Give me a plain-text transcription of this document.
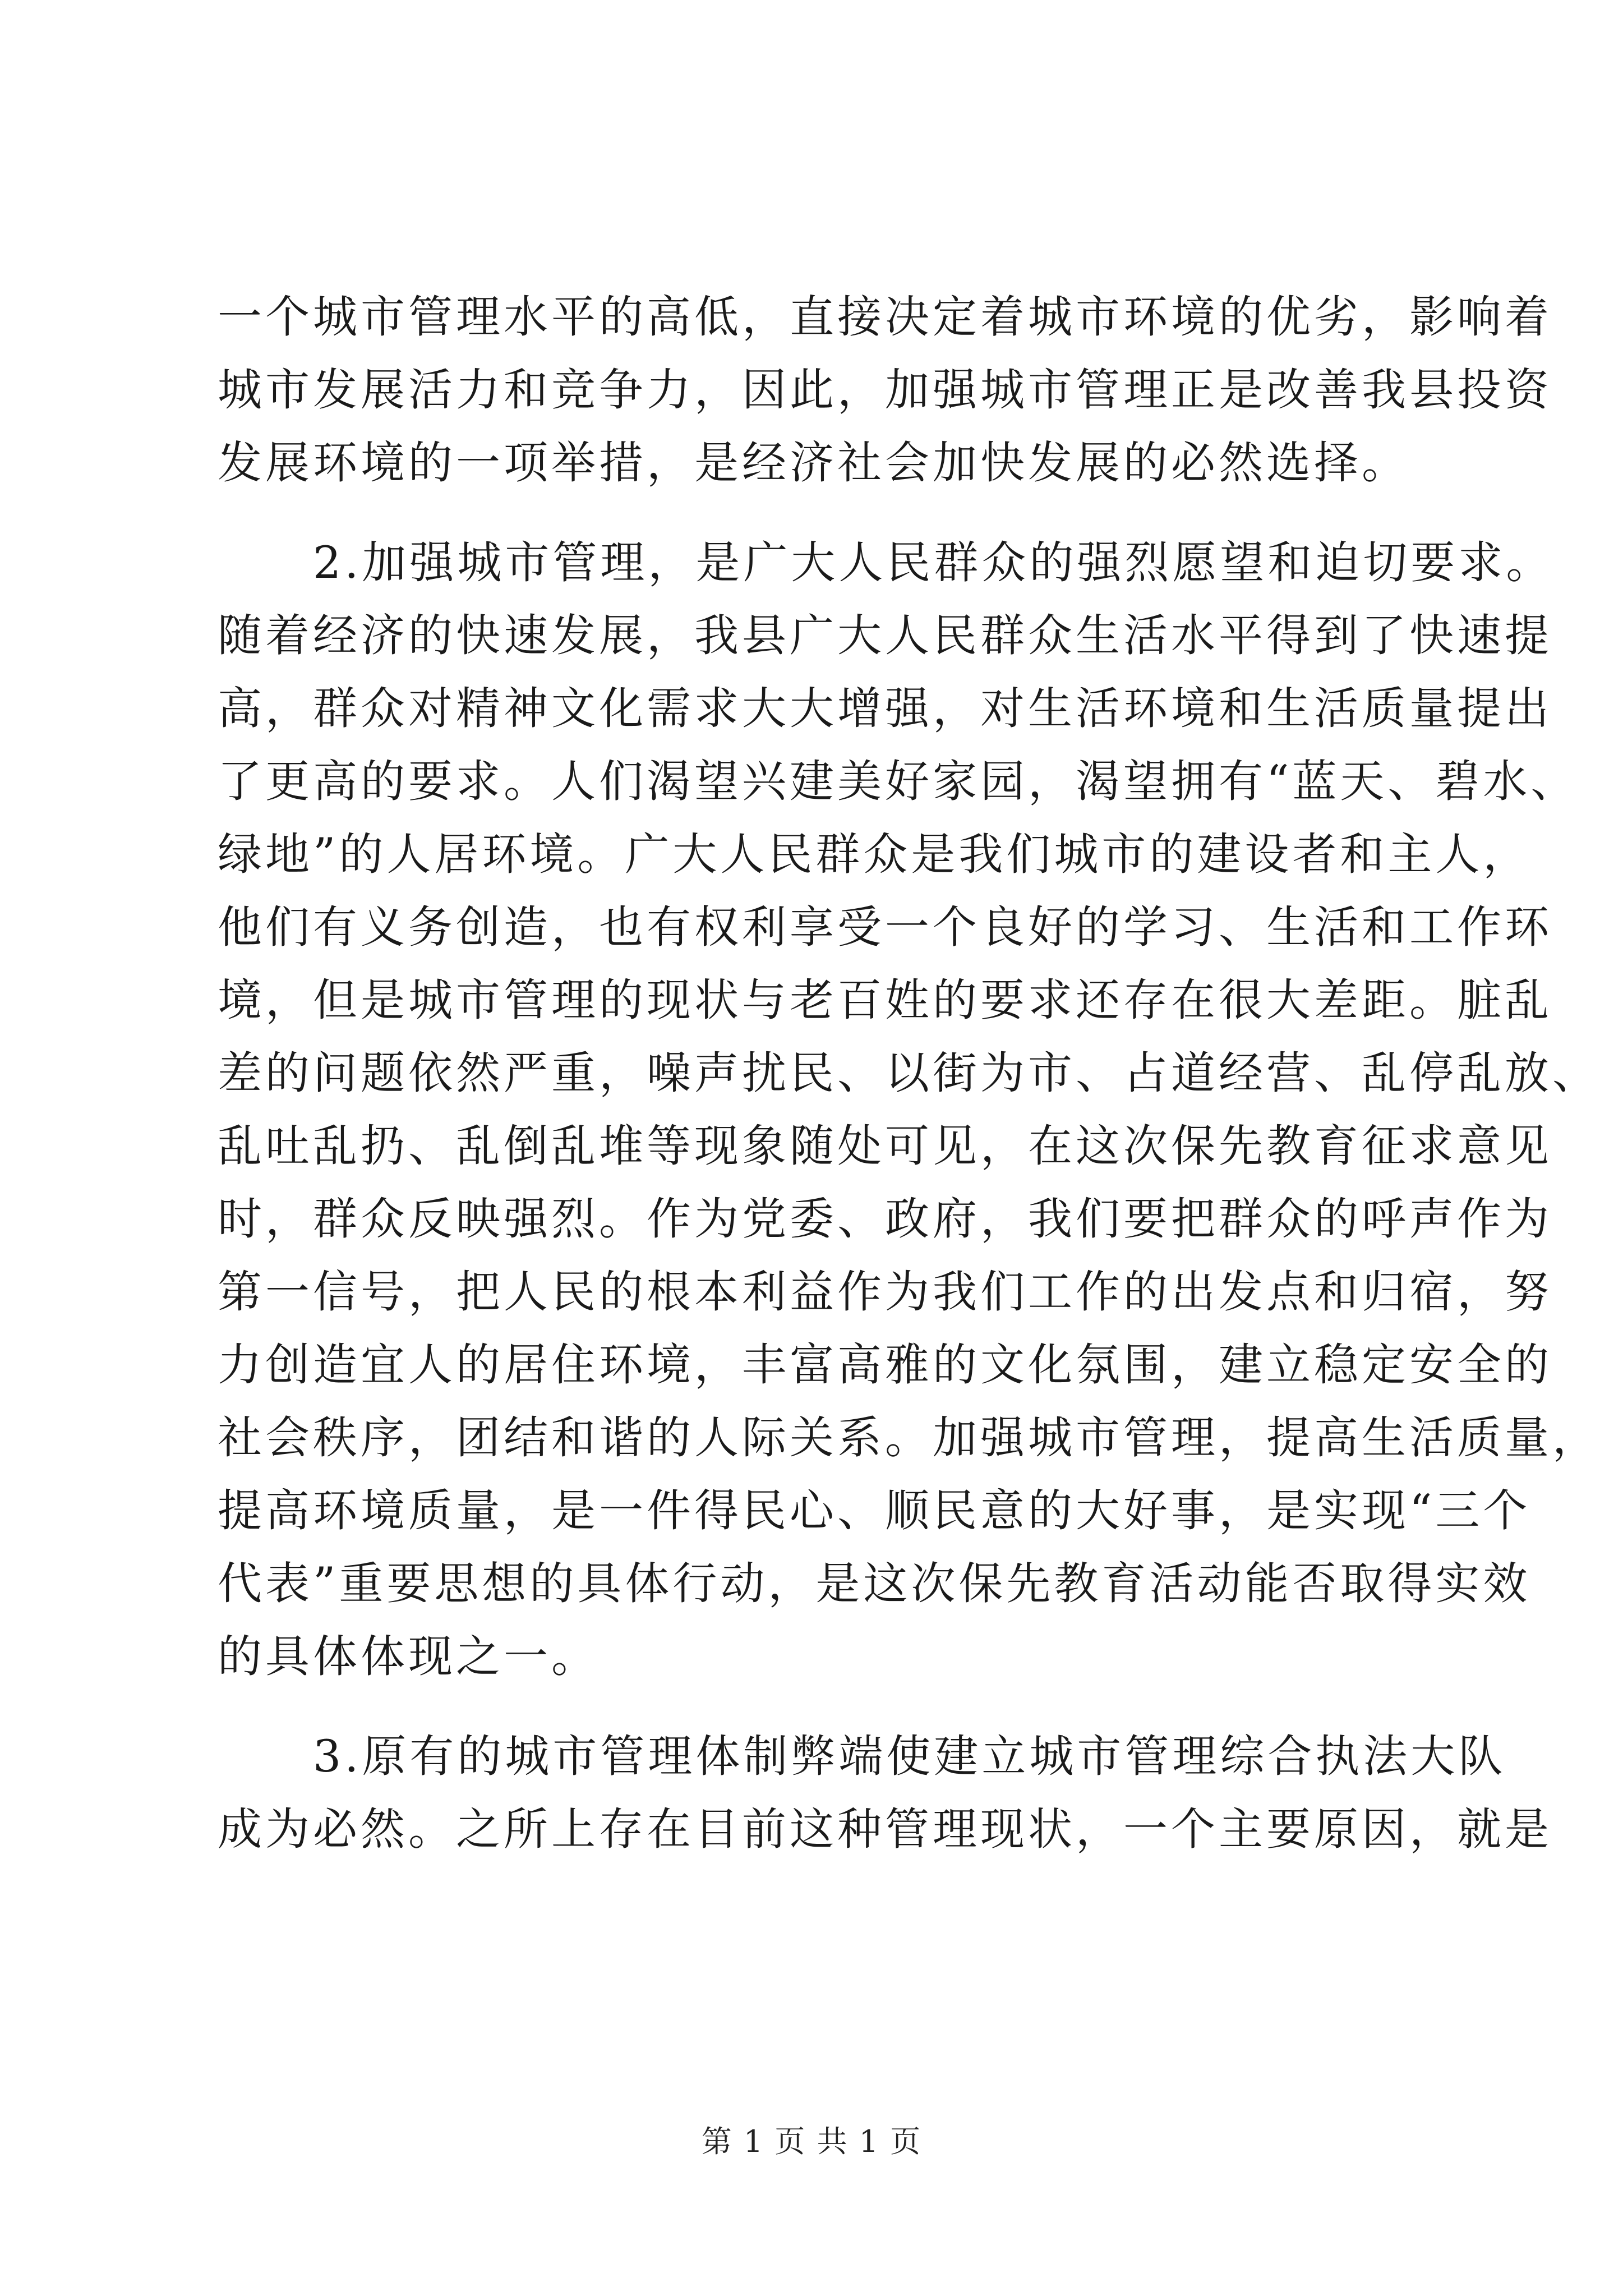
一个城市管理水平的高低，直接决定着城市环境的优劣，影响着
城市发展活力和竞争力，因此，加强城市管理正是改善我县投资
发展环境的一项举措，是经济社会加快发展的必然选择。
2.加强城市管理，是广大人民群众的强烈愿望和迫切要求。
随着经济的快速发展，我县广大人民群众生活水平得到了快速提
高，群众对精神文化需求大大增强，对生活环境和生活质量提出
了更高的要求。人们渴望兴建美好家园，渴望拥有“蓝天、碧水、
绿地”的人居环境。广大人民群众是我们城市的建设者和主人，
他们有义务创造，也有权利享受一个良好的学习、生活和工作环
境，但是城市管理的现状与老百姓的要求还存在很大差距。脏乱
差的问题依然严重，噪声扰民、以街为市、占道经营、乱停乱放、
乱吐乱扔、乱倒乱堆等现象随处可见，在这次保先教育征求意见
时，群众反映强烈。作为党委、政府，我们要把群众的呼声作为
第一信号，把人民的根本利益作为我们工作的出发点和归宿，努
力创造宜人的居住环境，丰富高雅的文化氛围，建立稳定安全的
社会秩序，团结和谐的人际关系。加强城市管理，提高生活质量，
提高环境质量，是一件得民心、顺民意的大好事，是实现“三个
代表”重要思想的具体行动，是这次保先教育活动能否取得实效
的具体体现之一。
3.原有的城市管理体制弊端使建立城市管理综合执法大队
成为必然。之所上存在目前这种管理现状，一个主要原因，就是
第 1 页 共 1 页
